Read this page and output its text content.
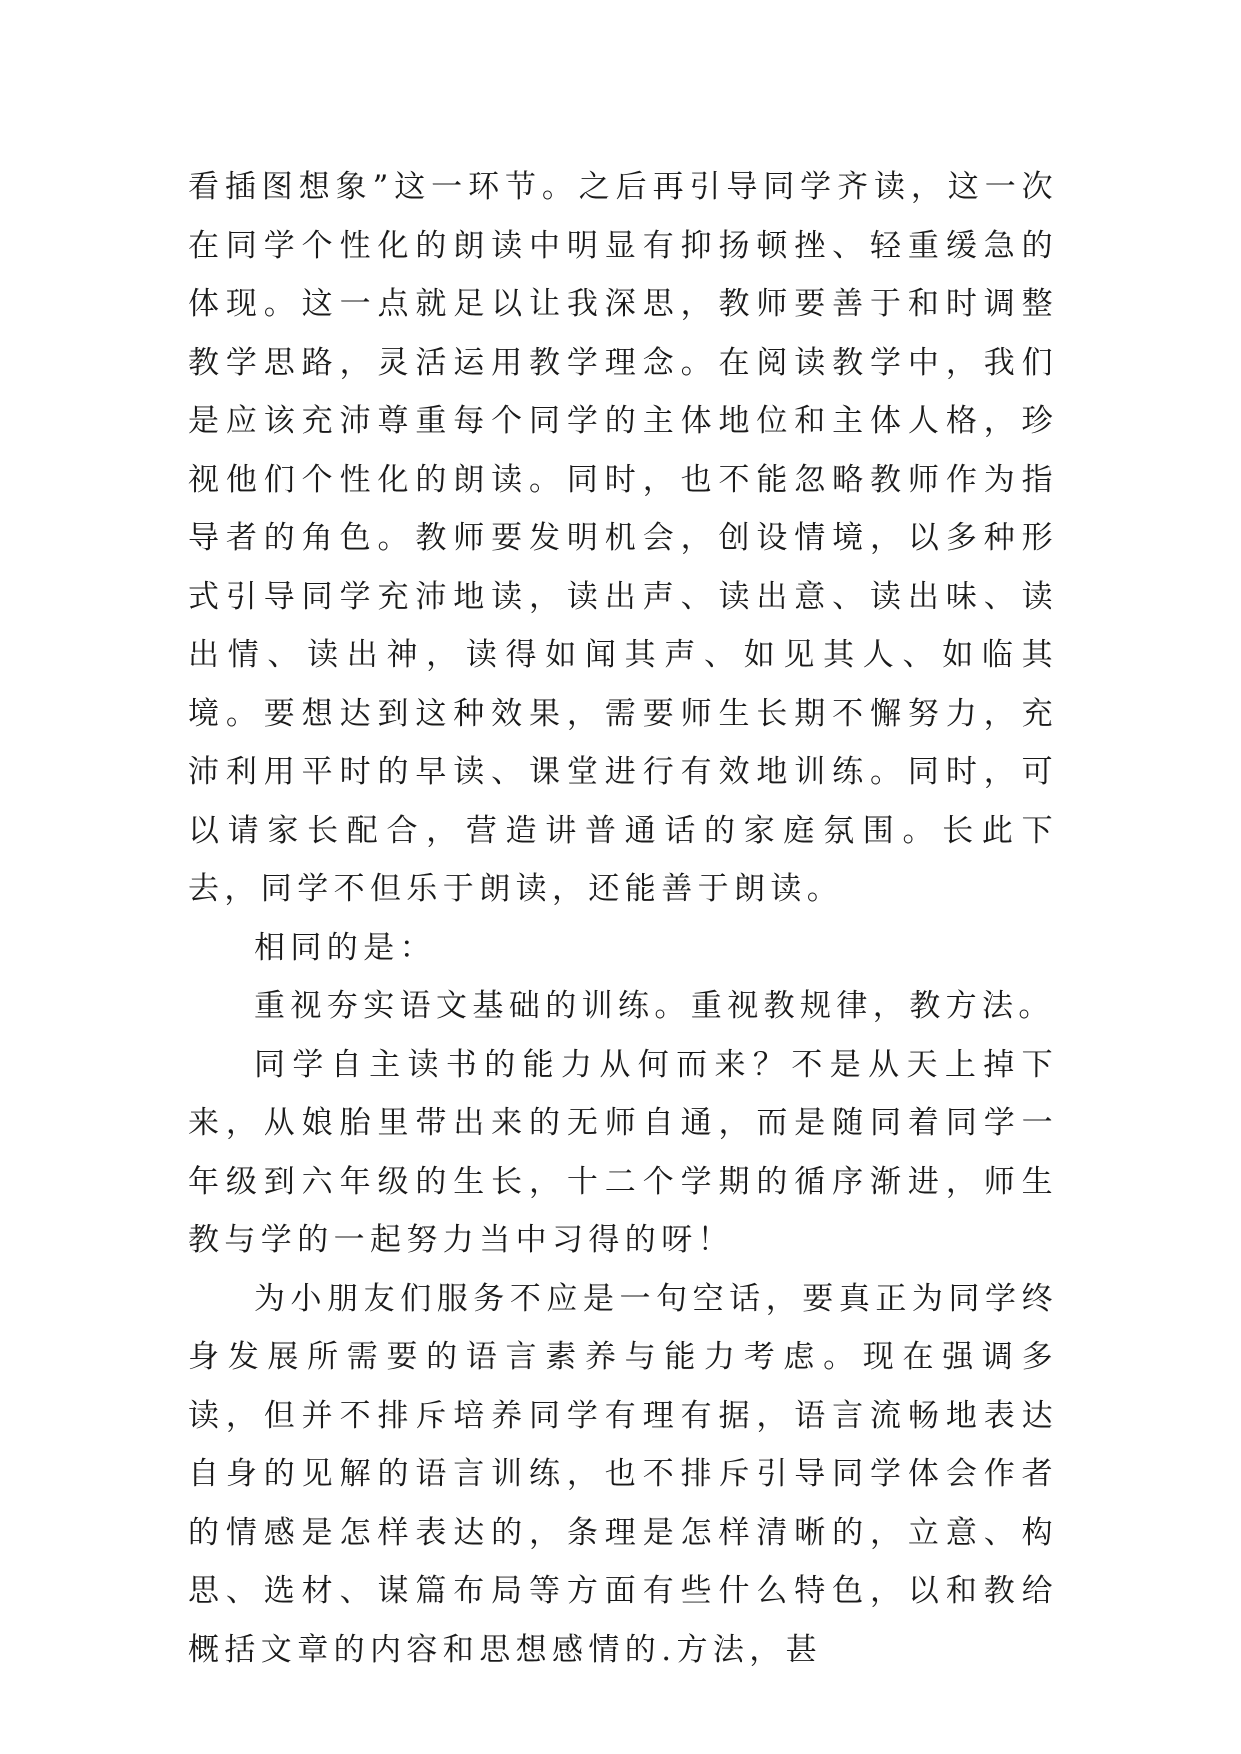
看插图想象”这一环节。之后再引导同学齐读，这一次在同学个性化的朗读中明显有抑扬顿挫、轻重缓急的体现。这一点就足以让我深思，教师要善于和时调整教学思路，灵活运用教学理念。在阅读教学中，我们是应该充沛尊重每个同学的主体地位和主体人格，珍视他们个性化的朗读。同时，也不能忽略教师作为指导者的角色。教师要发明机会，创设情境，以多种形式引导同学充沛地读，读出声、读出意、读出味、读出情、读出神，读得如闻其声、如见其人、如临其境。要想达到这种效果，需要师生长期不懈努力，充沛利用平时的早读、课堂进行有效地训练。同时，可以请家长配合，营造讲普通话的家庭氛围。长此下去，同学不但乐于朗读，还能善于朗读。

相同的是：

重视夯实语文基础的训练。重视教规律，教方法。

同学自主读书的能力从何而来？不是从天上掉下来，从娘胎里带出来的无师自通，而是随同着同学一年级到六年级的生长，十二个学期的循序渐进，师生教与学的一起努力当中习得的呀！

为小朋友们服务不应是一句空话，要真正为同学终身发展所需要的语言素养与能力考虑。现在强调多读，但并不排斥培养同学有理有据，语言流畅地表达自身的见解的语言训练，也不排斥引导同学体会作者的情感是怎样表达的，条理是怎样清晰的，立意、构思、选材、谋篇布局等方面有些什么特色，以和教给概括文章的内容和思想感情的.方法，甚
